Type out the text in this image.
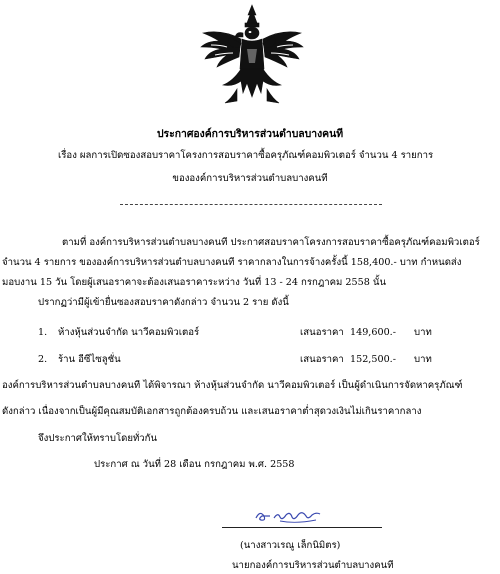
ประกาศองค์การบริหารส่วนตำบลบางคนที
เรื่อง ผลการเปิดซองสอบราคาโครงการสอบราคาซื้อครุภัณฑ์คอมพิวเตอร์ จำนวน 4 รายการ
ขององค์การบริหารส่วนตำบลบางคนที
ตามที่ องค์การบริหารส่วนตำบลบางคนที ประกาศสอบราคาโครงการสอบราคาซื้อครุภัณฑ์คอมพิวเตอร์
จำนวน 4 รายการ ขององค์การบริหารส่วนตำบลบางคนที ราคากลางในการจ้างครั้งนี้ 158,400.- บาท กำหนดส่ง
มอบงาน 15 วัน โดยผู้เสนอราคาจะต้องเสนอราคาระหว่าง วันที่ 13 - 24 กรกฎาคม 2558 นั้น
ปรากฏว่ามีผู้เข้ายื่นซองสอบราคาดังกล่าว จำนวน 2 ราย ดังนี้
1. ห้างหุ้นส่วนจำกัด นาวีคอมพิวเตอร์	เสนอราคา 149,600.- บาท
2. ร้าน อีซีไซลูชั่น	เสนอราคา 152,500.- บาท
องค์การบริหารส่วนตำบลบางคนที ได้พิจารณา ห้างหุ้นส่วนจำกัด นาวีคอมพิวเตอร์ เป็นผู้ดำเนินการจัดหาครุภัณฑ์
ดังกล่าว เนื่องจากเป็นผู้มีคุณสมบัติเอกสารถูกต้องครบถ้วน และเสนอราคาต่ำสุดวงเงินไม่เกินราคากลาง
จึงประกาศให้ทราบโดยทั่วกัน
ประกาศ ณ วันที่ 28 เดือน กรกฎาคม พ.ศ. 2558
(นางสาวเรณู เล็กนิมิตร)
นายกองค์การบริหารส่วนตำบลบางคนที
